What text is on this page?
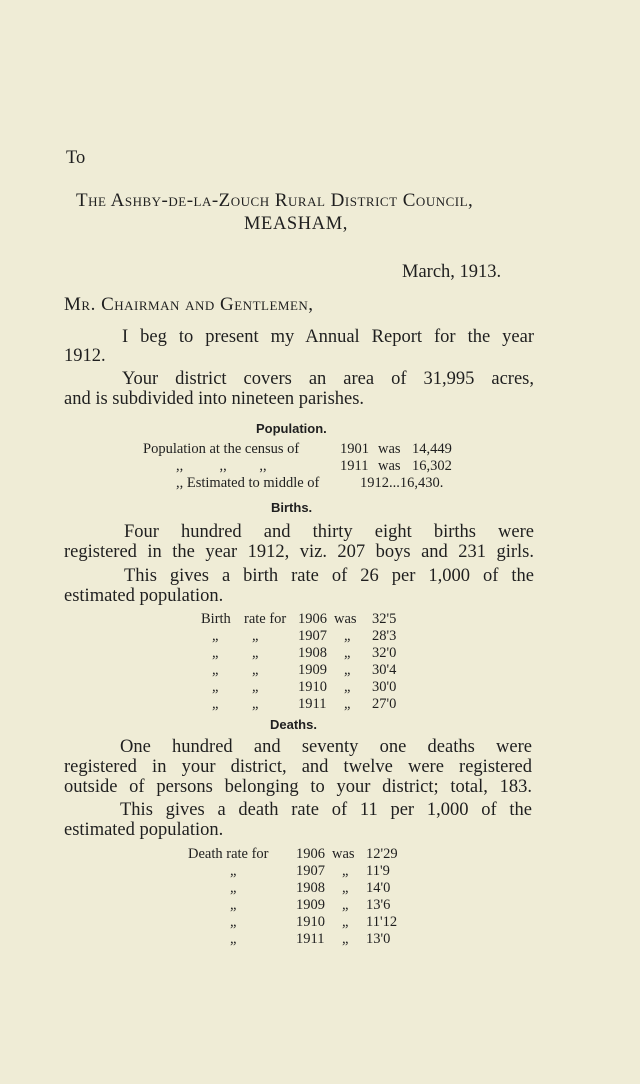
To
The Ashby-de-la-Zouch Rural District Council,
MEASHAM,
March, 1913.
Mr. Chairman and Gentlemen,
I beg to present my Annual Report for the year
1912.
Your district covers an area of 31,995 acres,
and is subdivided into nineteen parishes.
Population.
Population at the census of	1901 was 14,449
,,          ,,         ,,	1911 was 16,302
,, Estimated to middle of	1912...16,430.
Births.
Four hundred and thirty eight births were
registered in the year 1912, viz. 207 boys and 231 girls.
This gives a birth rate of 26 per 1,000 of the
estimated population.
Birth rate for 1906 was 32'5
„ „	1907 „ 28'3
„ „	1908 „ 32'0
„ „	1909 „ 30'4
„ „	1910 „ 30'0
„ „	1911 „ 27'0
Deaths.
One hundred and seventy one deaths were
registered in your district, and twelve were registered
outside of persons belonging to your district; total, 183.
This gives a death rate of 11 per 1,000 of the
estimated population.
Death rate for 1906 was 12'29
„	1907 „ 11'9
„	1908 „ 14'0
„	1909 „ 13'6
„	1910 „ 11'12
„	1911 „ 13'0
